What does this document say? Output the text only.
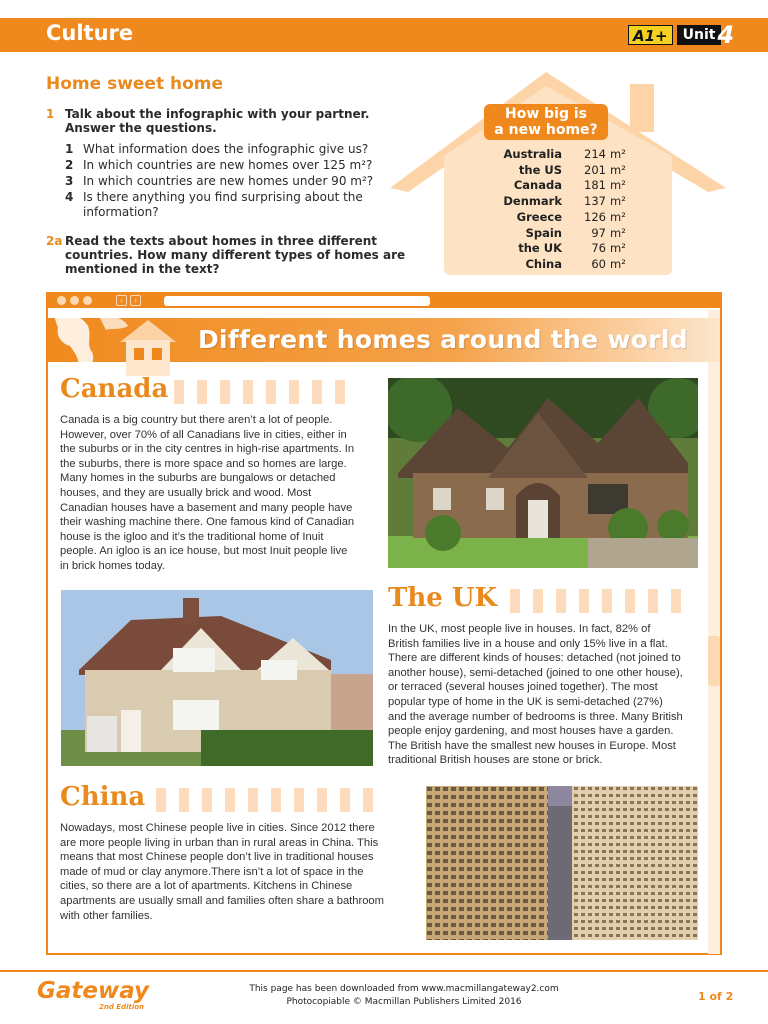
Culture	A1+	Unit 4
Home sweet home
1 Talk about the infographic with your partner.
Answer the questions.
1 What information does the infographic give us?
2 In which countries are new homes over 125 m²?
3 In which countries are new homes under 90 m²?
4 Is there anything you find surprising about the
information?
2a Read the texts about homes in three different
countries. How many different types of homes are
mentioned in the text?
How big is
a new home?
Australia	214 m²
the US	201 m²
Canada	181 m²
Denmark	137 m²
Greece	126 m²
Spain	97 m²
the UK	76 m²
China	60 m²
‹	›
Different homes around the world
Canada
Canada is a big country but there aren’t a lot of people.
However, over 70% of all Canadians live in cities, either in
the suburbs or in the city centres in high-rise apartments. In
the suburbs, there is more space and so homes are large.
Many homes in the suburbs are bungalows or detached
houses, and they are usually brick and wood. Most
Canadian houses have a basement and many people have
their washing machine there. One famous kind of Canadian
house is the igloo and it’s the traditional home of Inuit
people. An igloo is an ice house, but most Inuit people live
in brick homes today.
The UK
In the UK, most people live in houses. In fact, 82% of
British families live in a house and only 15% live in a flat.
There are different kinds of houses: detached (not joined to
another house), semi-detached (joined to one other house),
or terraced (several houses joined together). The most
popular type of home in the UK is semi-detached (27%)
and the average number of bedrooms is three. Many British
people enjoy gardening, and most houses have a garden.
The British have the smallest new houses in Europe. Most
traditional British houses are stone or brick.
China
Nowadays, most Chinese people live in cities. Since 2012 there
are more people living in urban than in rural areas in China. This
means that most Chinese people don’t live in traditional houses
made of mud or clay anymore.There isn’t a lot of space in the
cities, so there are a lot of apartments. Kitchens in Chinese
apartments are usually small and families often share a bathroom
with other families.
Gateway
2nd Edition
This page has been downloaded from www.macmillangateway2.com
Photocopiable © Macmillan Publishers Limited 2016	1 of 2
